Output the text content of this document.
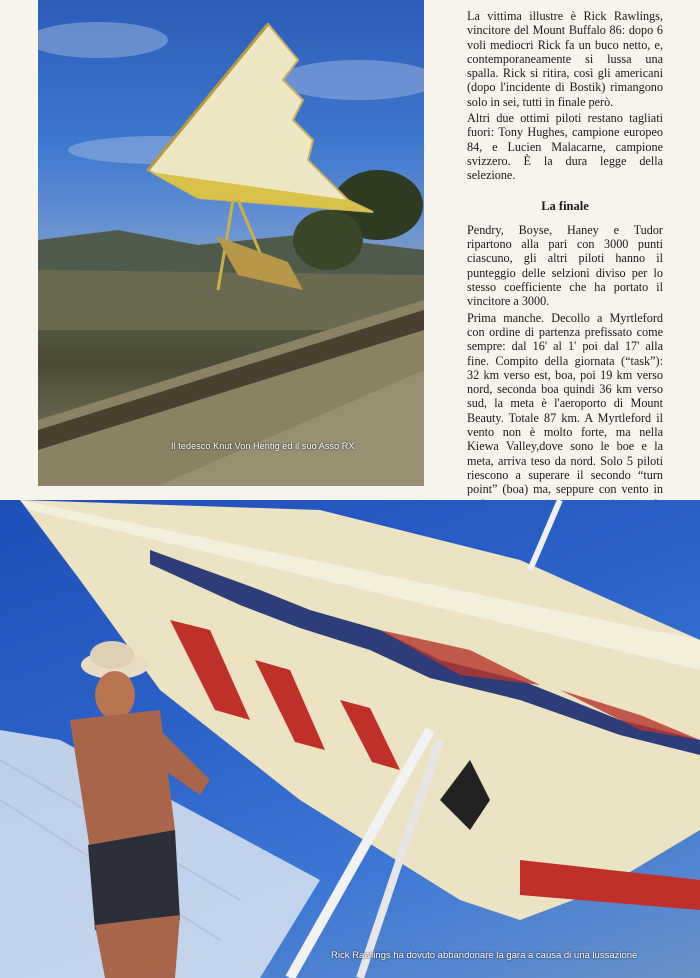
Il tedesco Knut Von Hentig ed il suo Asso RX

La vittima illustre è Rick Rawlings, vincitore del Mount Buffalo 86: dopo 6 voli mediocri Rick fa un buco netto, e, contemporaneamente si lussa una spalla. Rick si ritira, così gli americani (dopo l'incidente di Bostik) rimangono solo in sei, tutti in finale però.

Altri due ottimi piloti restano tagliati fuori: Tony Hughes, campione europeo 84, e Lucien Malacarne, campione svizzero. È la dura legge della selezione.

La finale

Pendry, Boyse, Haney e Tudor ripartono alla pari con 3000 punti ciascuno, gli altri piloti hanno il punteggio delle selzioni diviso per lo stesso coefficiente che ha portato il vincitore a 3000.

Prima manche. Decollo a Myrtleford con ordine di partenza prefissato come sempre: dal 16' al 1' poi dal 17' alla fine. Compito della giornata (“task”): 32 km verso est, boa, poi 19 km verso nord, seconda boa quindi 36 km verso sud, la meta è l'aeroporto di Mount Beauty. Totale 87 km. A Myrtleford il vento non è molto forte, ma nella Kiewa Valley,dove sono le boe e la meta, arriva teso da nord. Solo 5 piloti riescono a superare il secondo “turn point” (boa) ma, seppure con vento in

Rick Rawlings ha dovuto abbandonare la gara a causa di una lussazione
